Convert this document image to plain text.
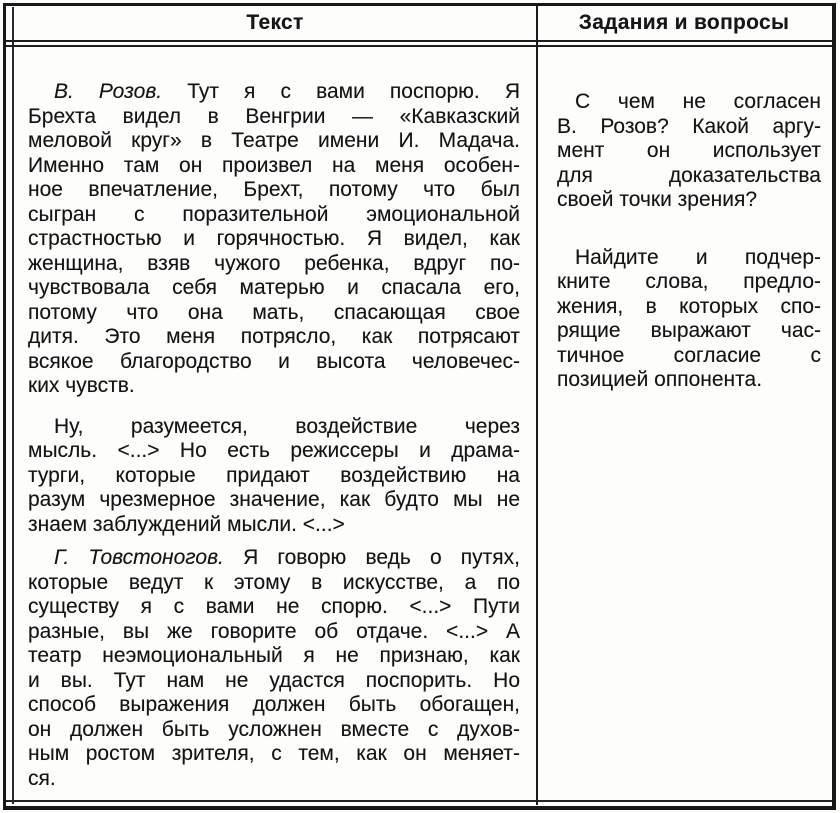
Текст	Задания и вопросы
В. Розов. Тут я с вами поспорю. Я
Брехта видел в Венгрии — «Кавказский
меловой круг» в Театре имени И. Мадача.
Именно там он произвел на меня особен-
ное впечатление, Брехт, потому что был
сыгран с поразительной эмоциональной
страстностью и горячностью. Я видел, как
женщина, взяв чужого ребенка, вдруг по-
чувствовала себя матерью и спасала его,
потому что она мать, спасающая свое
дитя. Это меня потрясло, как потрясают
всякое благородство и высота человечес-
ких чувств.
Ну, разумеется, воздействие через
мысль. <...> Но есть режиссеры и драма-
турги, которые придают воздействию на
разум чрезмерное значение, как будто мы не
знаем заблуждений мысли. <...>
Г. Товстоногов. Я говорю ведь о путях,
которые ведут к этому в искусстве, а по
существу я с вами не спорю. <...> Пути
разные, вы же говорите об отдаче. <...> А
театр неэмоциональный я не признаю, как
и вы. Тут нам не удастся поспорить. Но
способ выражения должен быть обогащен,
он должен быть усложнен вместе с духов-
ным ростом зрителя, с тем, как он меняет-
ся.
С чем не согласен
В. Розов? Какой аргу-
мент он использует
для доказательства
своей точки зрения?
Найдите и подчер-
кните слова, предло-
жения, в которых спо-
рящие выражают час-
тичное согласие с
позицией оппонента.
